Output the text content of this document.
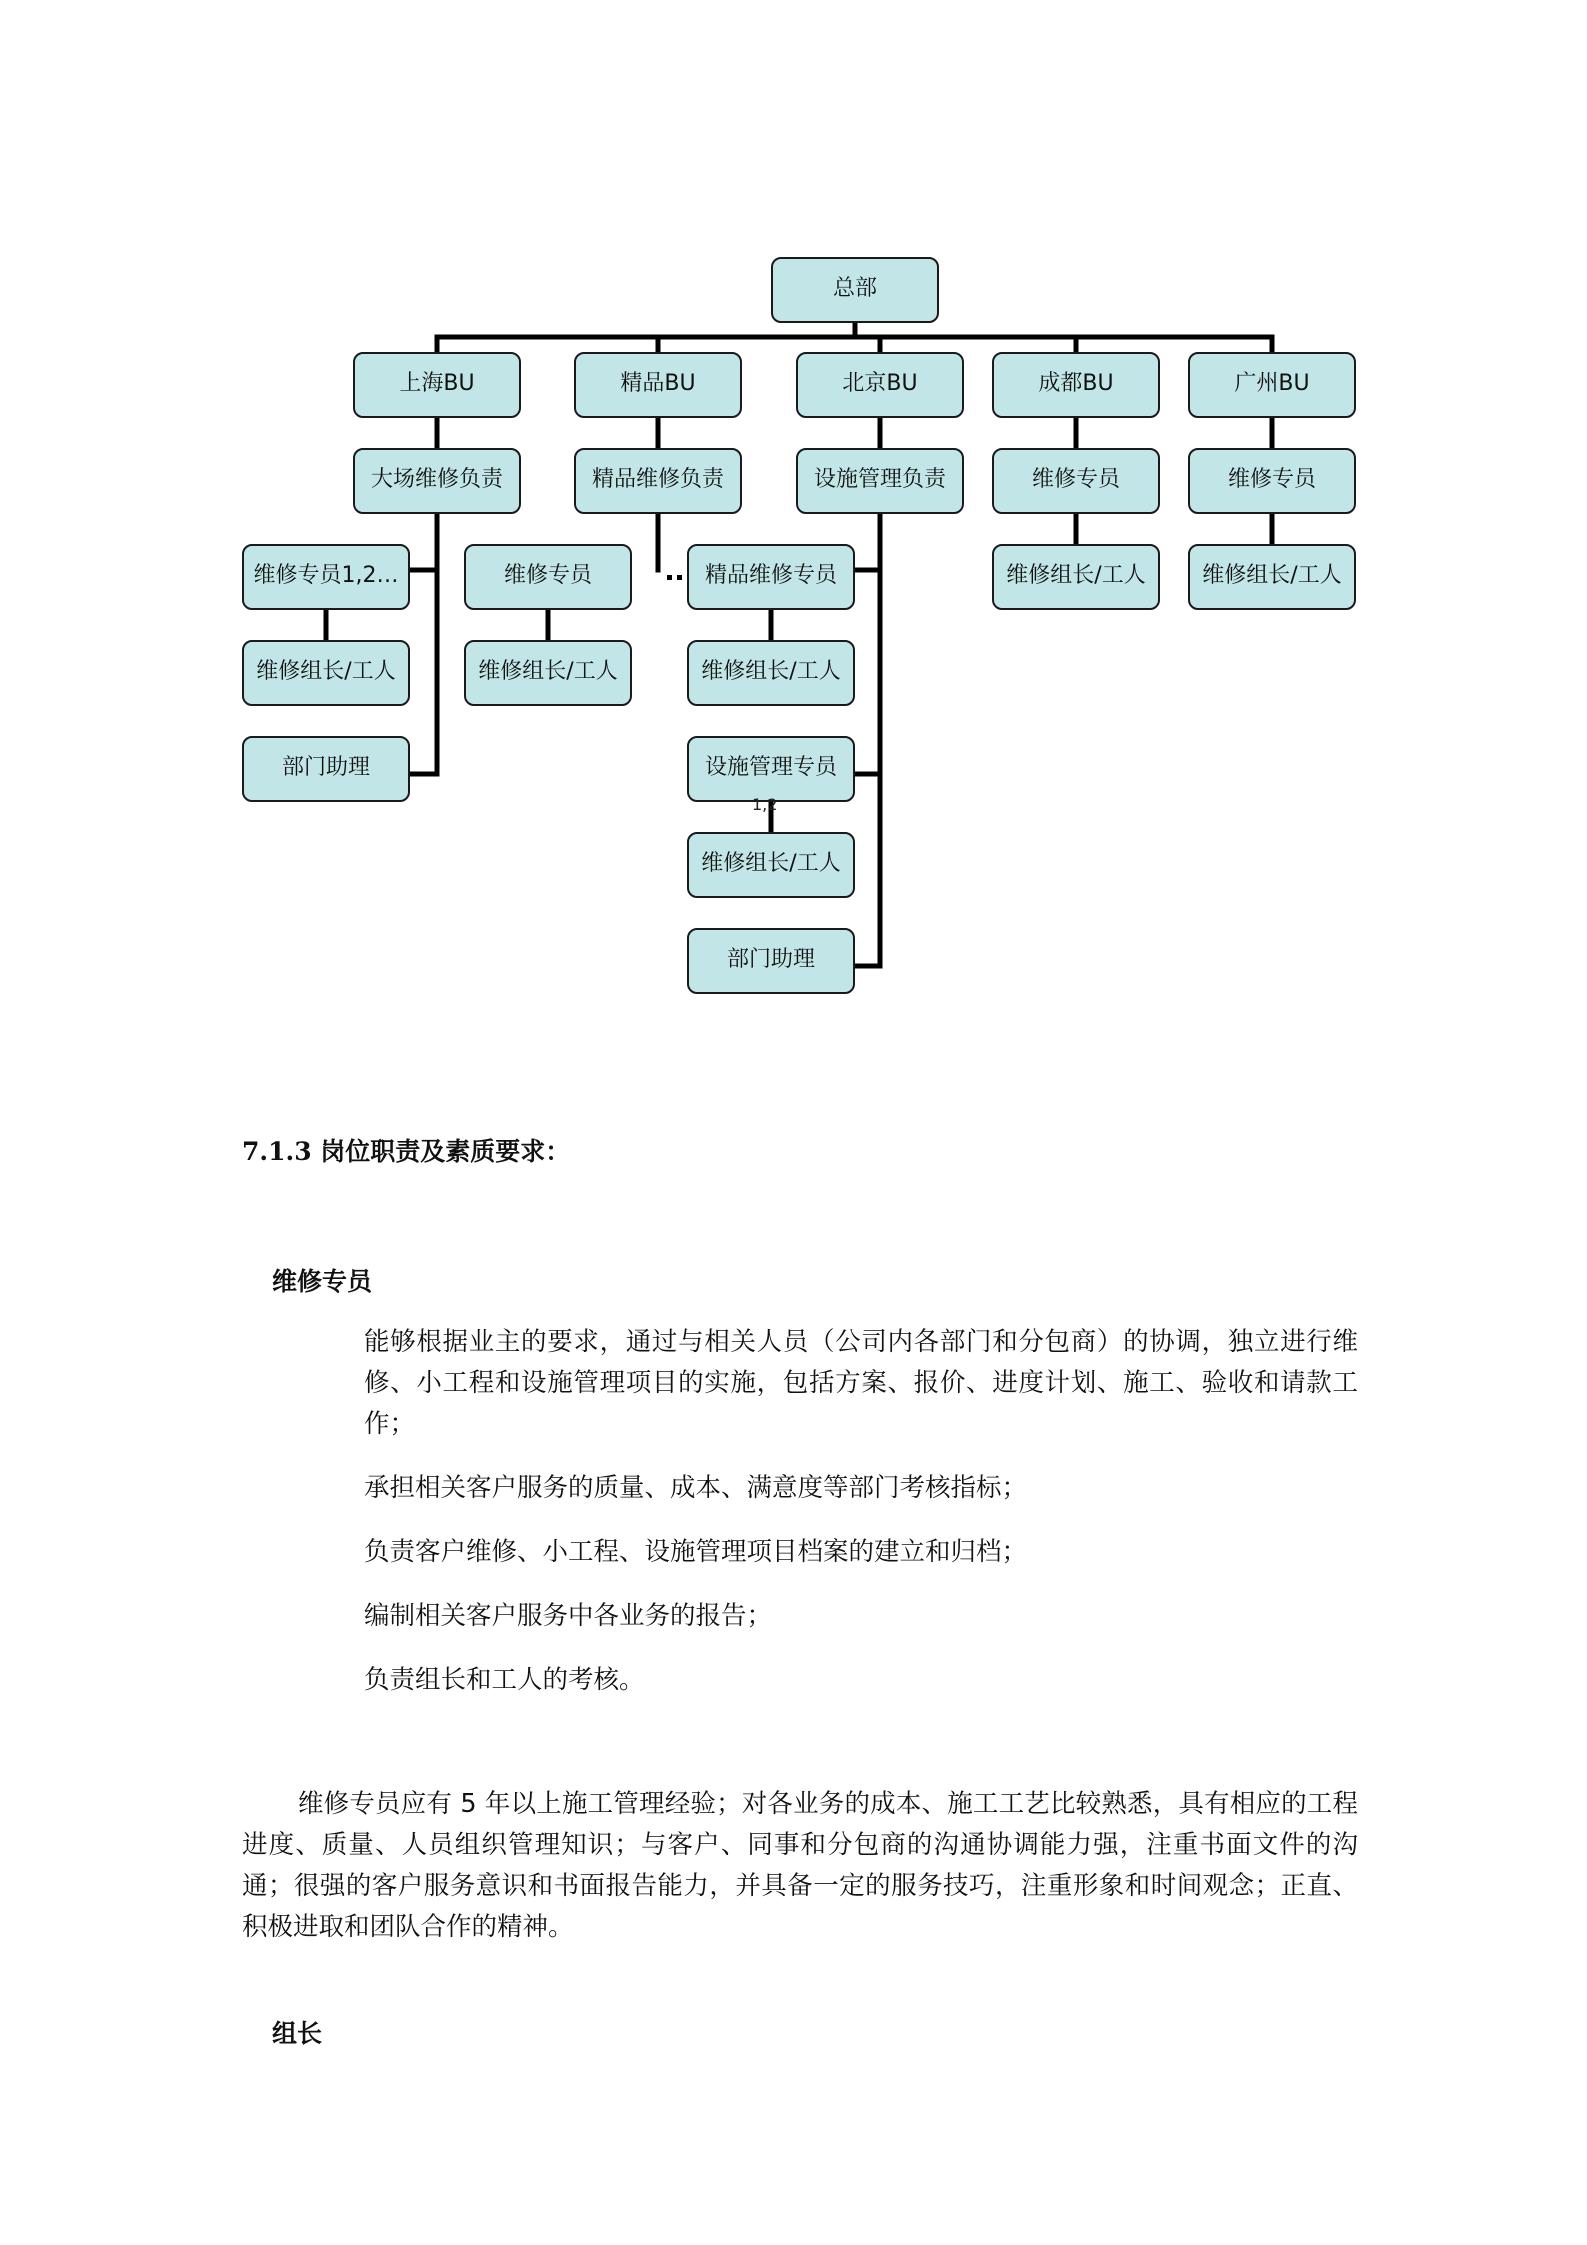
总部
上海BU	精品BU	北京BU	成都BU	广州BU
大场维修负责	精品维修负责	设施管理负责	维修专员	维修专员
维修专员1,2…
维修组长/工人
部门助理
维修专员
维修组长/工人
精品维修专员
维修组长/工人
设施管理专员
1,2
维修组长/工人
部门助理
维修组长/工人	维修组长/工人
7.1.3 岗位职责及素质要求：
维修专员

能够根据业主的要求，通过与相关人员（公司内各部门和分包商）的协调，独立进行维修、小工程和设施管理项目的实施，包括方案、报价、进度计划、施工、验收和请款工作；

承担相关客户服务的质量、成本、满意度等部门考核指标；

负责客户维修、小工程、设施管理项目档案的建立和归档；

编制相关客户服务中各业务的报告；

负责组长和工人的考核。

维修专员应有 5 年以上施工管理经验；对各业务的成本、施工工艺比较熟悉，具有相应的工程进度、质量、人员组织管理知识；与客户、同事和分包商的沟通协调能力强，注重书面文件的沟通；很强的客户服务意识和书面报告能力，并具备一定的服务技巧，注重形象和时间观念；正直、积极进取和团队合作的精神。

组长
